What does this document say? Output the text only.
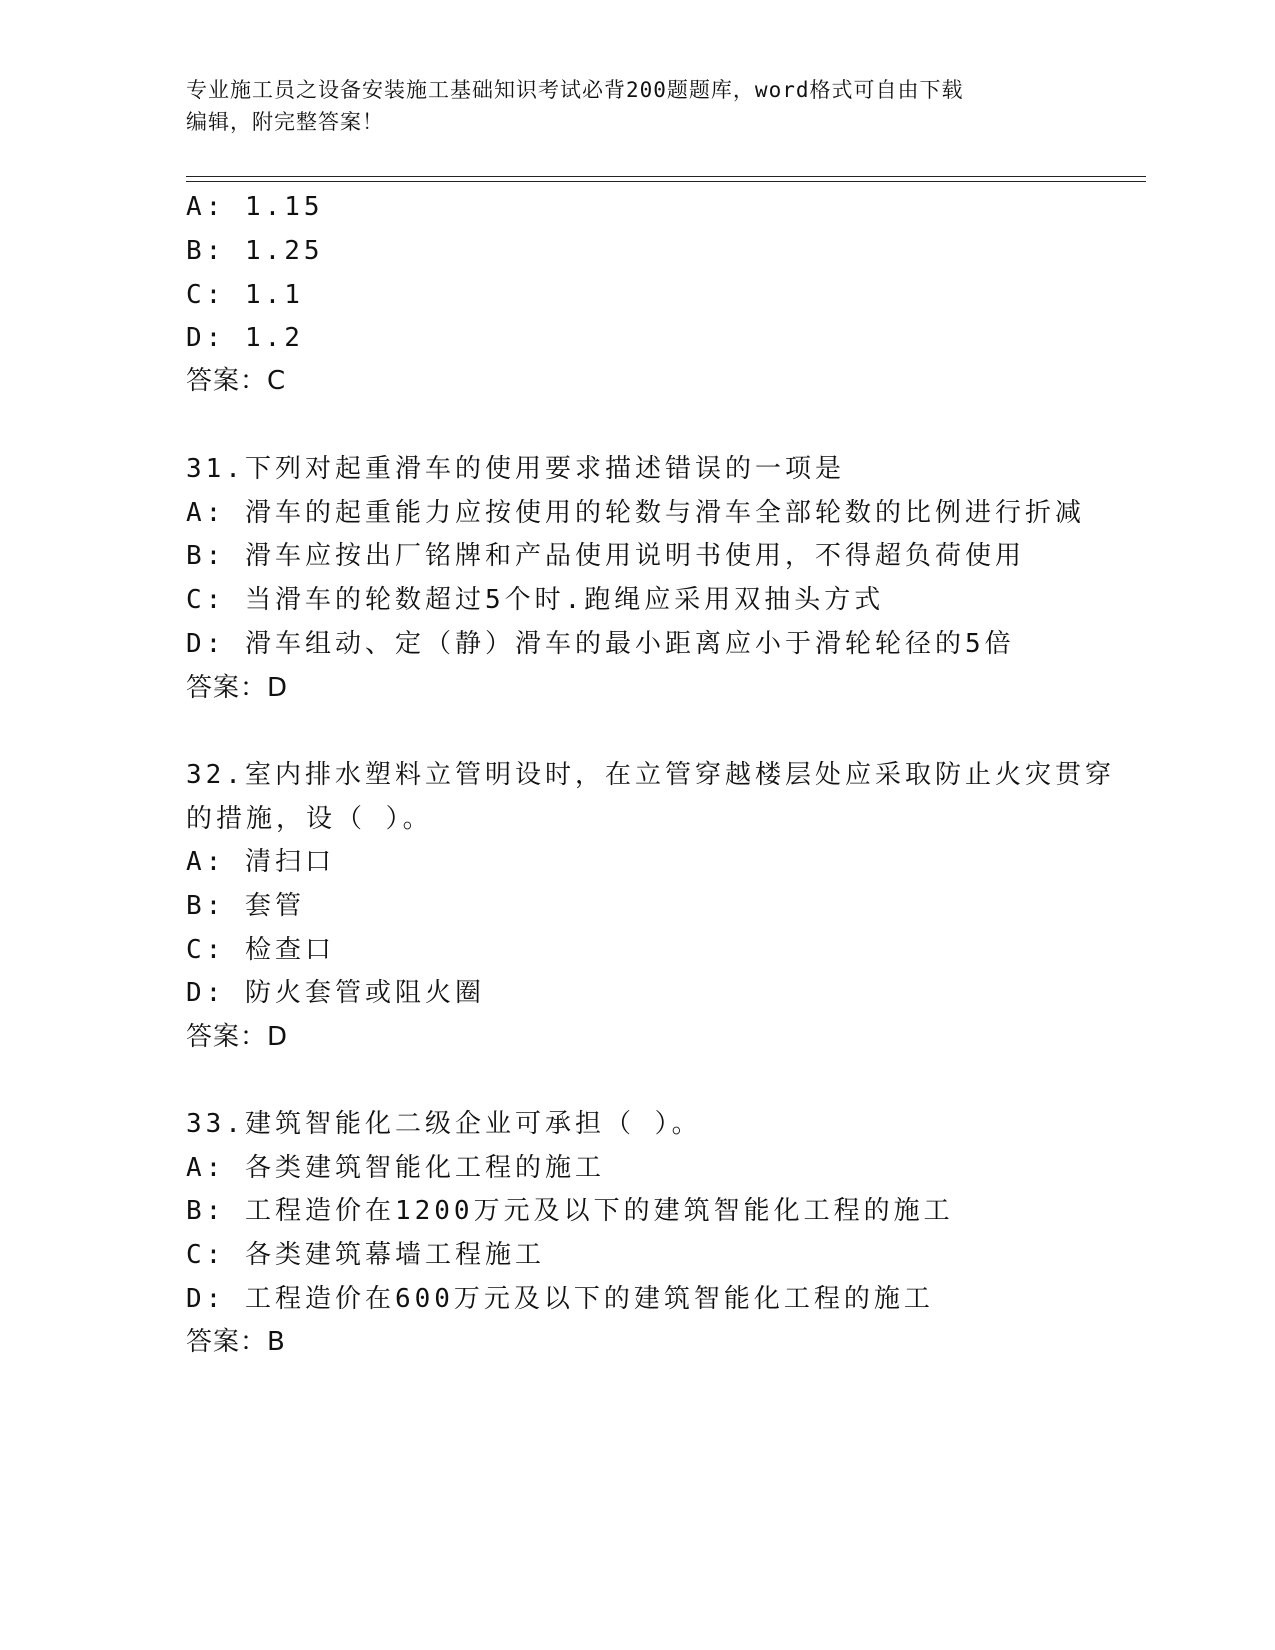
专业施工员之设备安装施工基础知识考试必背200题题库，word格式可自由下载
编辑，附完整答案！
A: 1.15
B: 1.25
C: 1.1
D: 1.2
答案：C
31.下列对起重滑车的使用要求描述错误的一项是
A: 滑车的起重能力应按使用的轮数与滑车全部轮数的比例进行折减
B: 滑车应按出厂铭牌和产品使用说明书使用，不得超负荷使用
C: 当滑车的轮数超过5个时.跑绳应采用双抽头方式
D: 滑车组动、定（静）滑车的最小距离应小于滑轮轮径的5倍
答案：D
32.室内排水塑料立管明设时，在立管穿越楼层处应采取防止火灾贯穿
的措施，设（ ）。
A: 清扫口
B: 套管
C: 检查口
D: 防火套管或阻火圈
答案：D
33.建筑智能化二级企业可承担（ ）。
A: 各类建筑智能化工程的施工
B: 工程造价在1200万元及以下的建筑智能化工程的施工
C: 各类建筑幕墙工程施工
D: 工程造价在600万元及以下的建筑智能化工程的施工
答案：B
